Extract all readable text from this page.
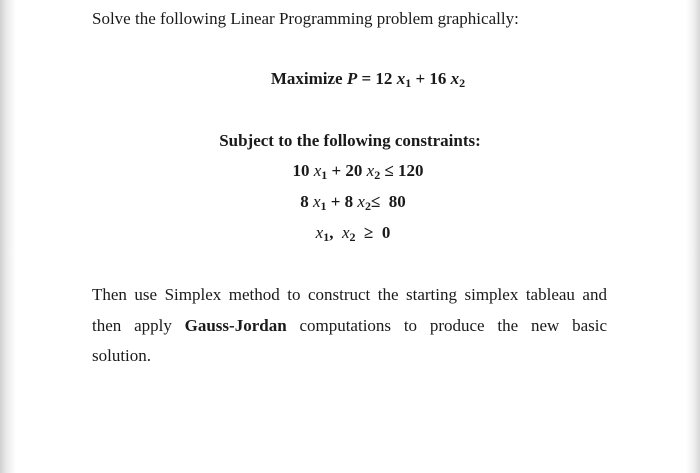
Solve the following Linear Programming problem graphically:
Maximize P = 12 $x_1 + 16$ $x_2$
Subject to the following constraints:
10 $x_1 + 20$ $x_2 \le 120$
8 $x_1 + 8$ $x_2\le 80$
$x_1$,  $x_2 \ge 0$
Then use Simplex method to construct the starting simplex tableau and
then apply Gauss-Jordan computations to produce the new basic
solution.
